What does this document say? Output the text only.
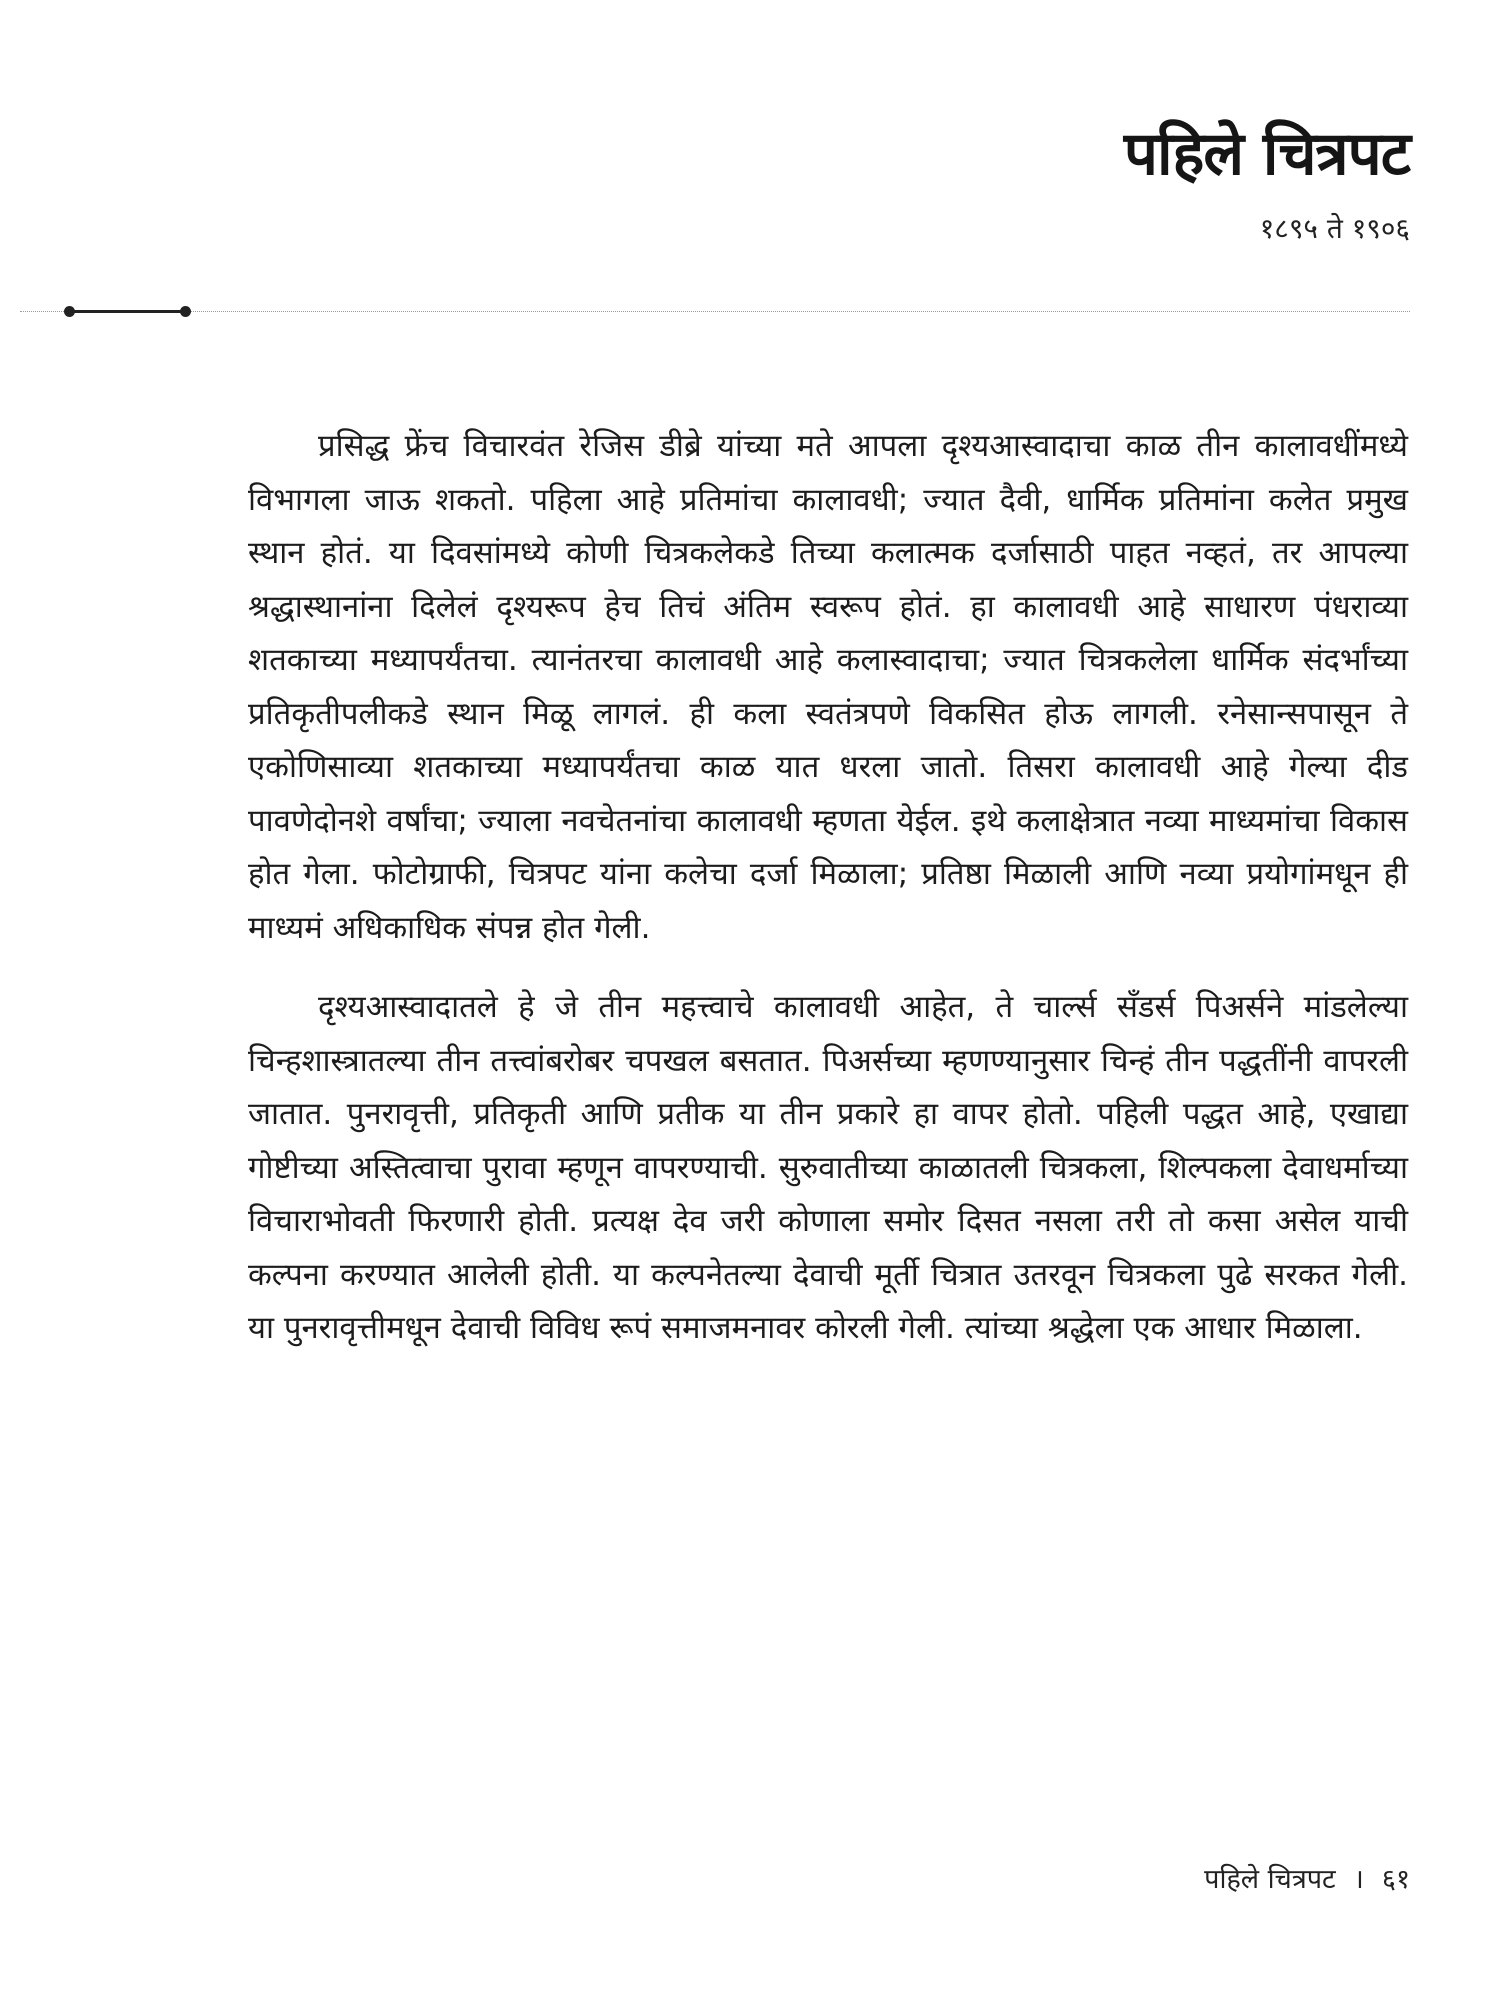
पहिले चित्रपट
१८९५ ते १९०६

प्रसिद्ध फ्रेंच विचारवंत रेजिस डीब्रे यांच्या मते आपला दृश्यआस्वादाचा काळ तीन कालावधींमध्ये विभागला जाऊ शकतो. पहिला आहे प्रतिमांचा कालावधी; ज्यात दैवी, धार्मिक प्रतिमांना कलेत प्रमुख स्थान होतं. या दिवसांमध्ये कोणी चित्रकलेकडे तिच्या कलात्मक दर्जासाठी पाहत नव्हतं, तर आपल्या श्रद्धास्थानांना दिलेलं दृश्यरूप हेच तिचं अंतिम स्वरूप होतं. हा कालावधी आहे साधारण पंधराव्या शतकाच्या मध्यापर्यंतचा. त्यानंतरचा कालावधी आहे कलास्वादाचा; ज्यात चित्रकलेला धार्मिक संदर्भांच्या प्रतिकृतीपलीकडे स्थान मिळू लागलं. ही कला स्वतंत्रपणे विकसित होऊ लागली. रनेसान्सपासून ते एकोणिसाव्या शतकाच्या मध्यापर्यंतचा काळ यात धरला जातो. तिसरा कालावधी आहे गेल्या दीड पावणेदोनशे वर्षांचा; ज्याला नवचेतनांचा कालावधी म्हणता येईल. इथे कलाक्षेत्रात नव्या माध्यमांचा विकास होत गेला. फोटोग्राफी, चित्रपट यांना कलेचा दर्जा मिळाला; प्रतिष्ठा मिळाली आणि नव्या प्रयोगांमधून ही माध्यमं अधिकाधिक संपन्न होत गेली.

दृश्यआस्वादातले हे जे तीन महत्त्वाचे कालावधी आहेत, ते चार्ल्स सँडर्स पिअर्सने मांडलेल्या चिन्हशास्त्रातल्या तीन तत्त्वांबरोबर चपखल बसतात. पिअर्सच्या म्हणण्यानुसार चिन्हं तीन पद्धतींनी वापरली जातात. पुनरावृत्ती, प्रतिकृती आणि प्रतीक या तीन प्रकारे हा वापर होतो. पहिली पद्धत आहे, एखाद्या गोष्टीच्या अस्तित्वाचा पुरावा म्हणून वापरण्याची. सुरुवातीच्या काळातली चित्रकला, शिल्पकला देवाधर्माच्या विचाराभोवती फिरणारी होती. प्रत्यक्ष देव जरी कोणाला समोर दिसत नसला तरी तो कसा असेल याची कल्पना करण्यात आलेली होती. या कल्पनेतल्या देवाची मूर्ती चित्रात उतरवून चित्रकला पुढे सरकत गेली. या पुनरावृत्तीमधून देवाची विविध रूपं समाजमनावर कोरली गेली. त्यांच्या श्रद्धेला एक आधार मिळाला.

पहिले चित्रपट । ६१
